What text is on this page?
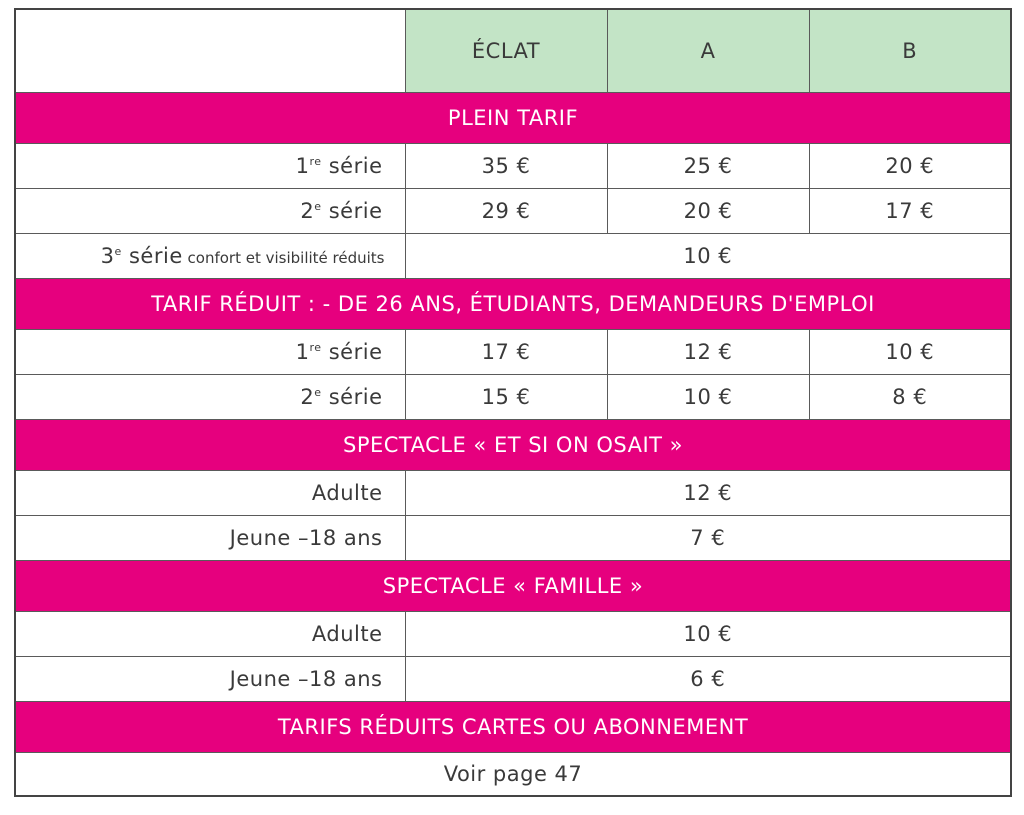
	ÉCLAT	A	B
PLEIN TARIF			
1re série	35 €	25 €	20 €
2e série	29 €	20 €	17 €
3e série confort et visibilité réduits	10 €		
TARIF RÉDUIT : - DE 26 ANS, ÉTUDIANTS, DEMANDEURS D'EMPLOI			
1re série	17 €	12 €	10 €
2e série	15 €	10 €	8 €
SPECTACLE « ET SI ON OSAIT »			
Adulte	12 €		
Jeune –18 ans	7 €		
SPECTACLE « FAMILLE »			
Adulte	10 €		
Jeune –18 ans	6 €		
TARIFS RÉDUITS CARTES OU ABONNEMENT			
Voir page 47			
